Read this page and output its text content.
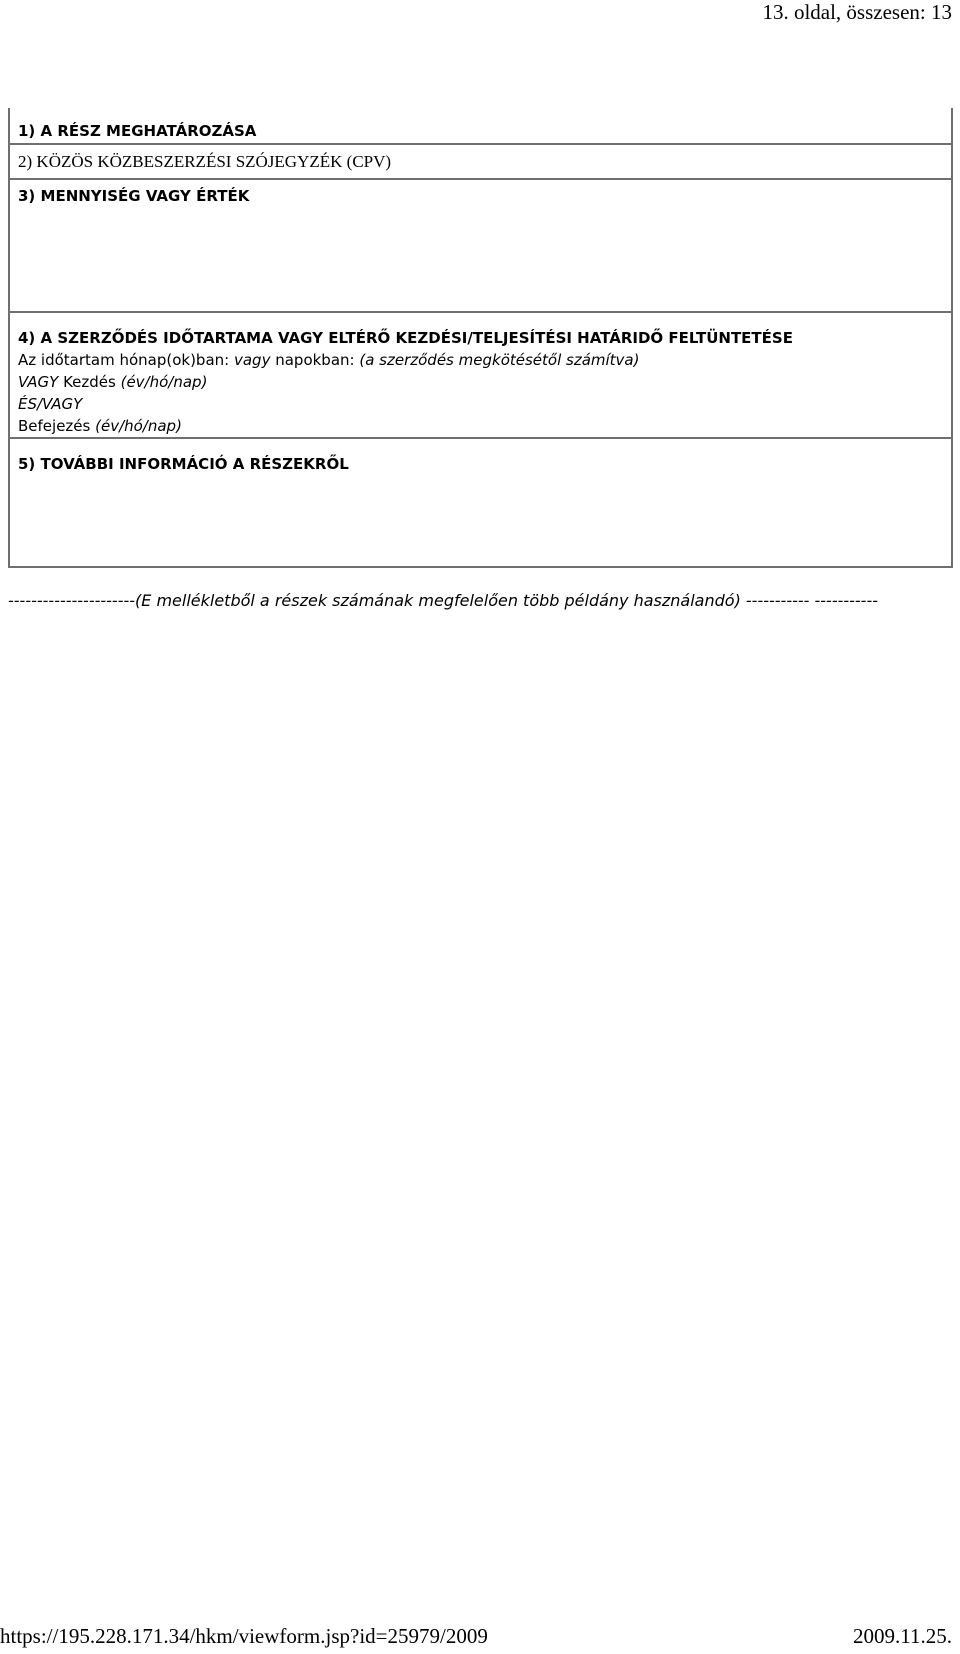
13. oldal, összesen: 13
1) A RÉSZ MEGHATÁROZÁSA

2) KÖZÖS KÖZBESZERZÉSI SZÓJEGYZÉK (CPV)

3) MENNYISÉG VAGY ÉRTÉK

4) A SZERZŐDÉS IDŐTARTAMA VAGY ELTÉRŐ KEZDÉSI/TELJESÍTÉSI HATÁRIDŐ FELTÜNTETÉSE
Az időtartam hónap(ok)ban: vagy napokban: (a szerződés megkötésétől számítva)
VAGY Kezdés (év/hó/nap)
ÉS/VAGY
Befejezés (év/hó/nap)

5) TOVÁBBI INFORMÁCIÓ A RÉSZEKRŐL
----------------------(E mellékletből a részek számának megfelelően több példány használandó) ----------- -----------
https://195.228.171.34/hkm/viewform.jsp?id=25979/2009	2009.11.25.
